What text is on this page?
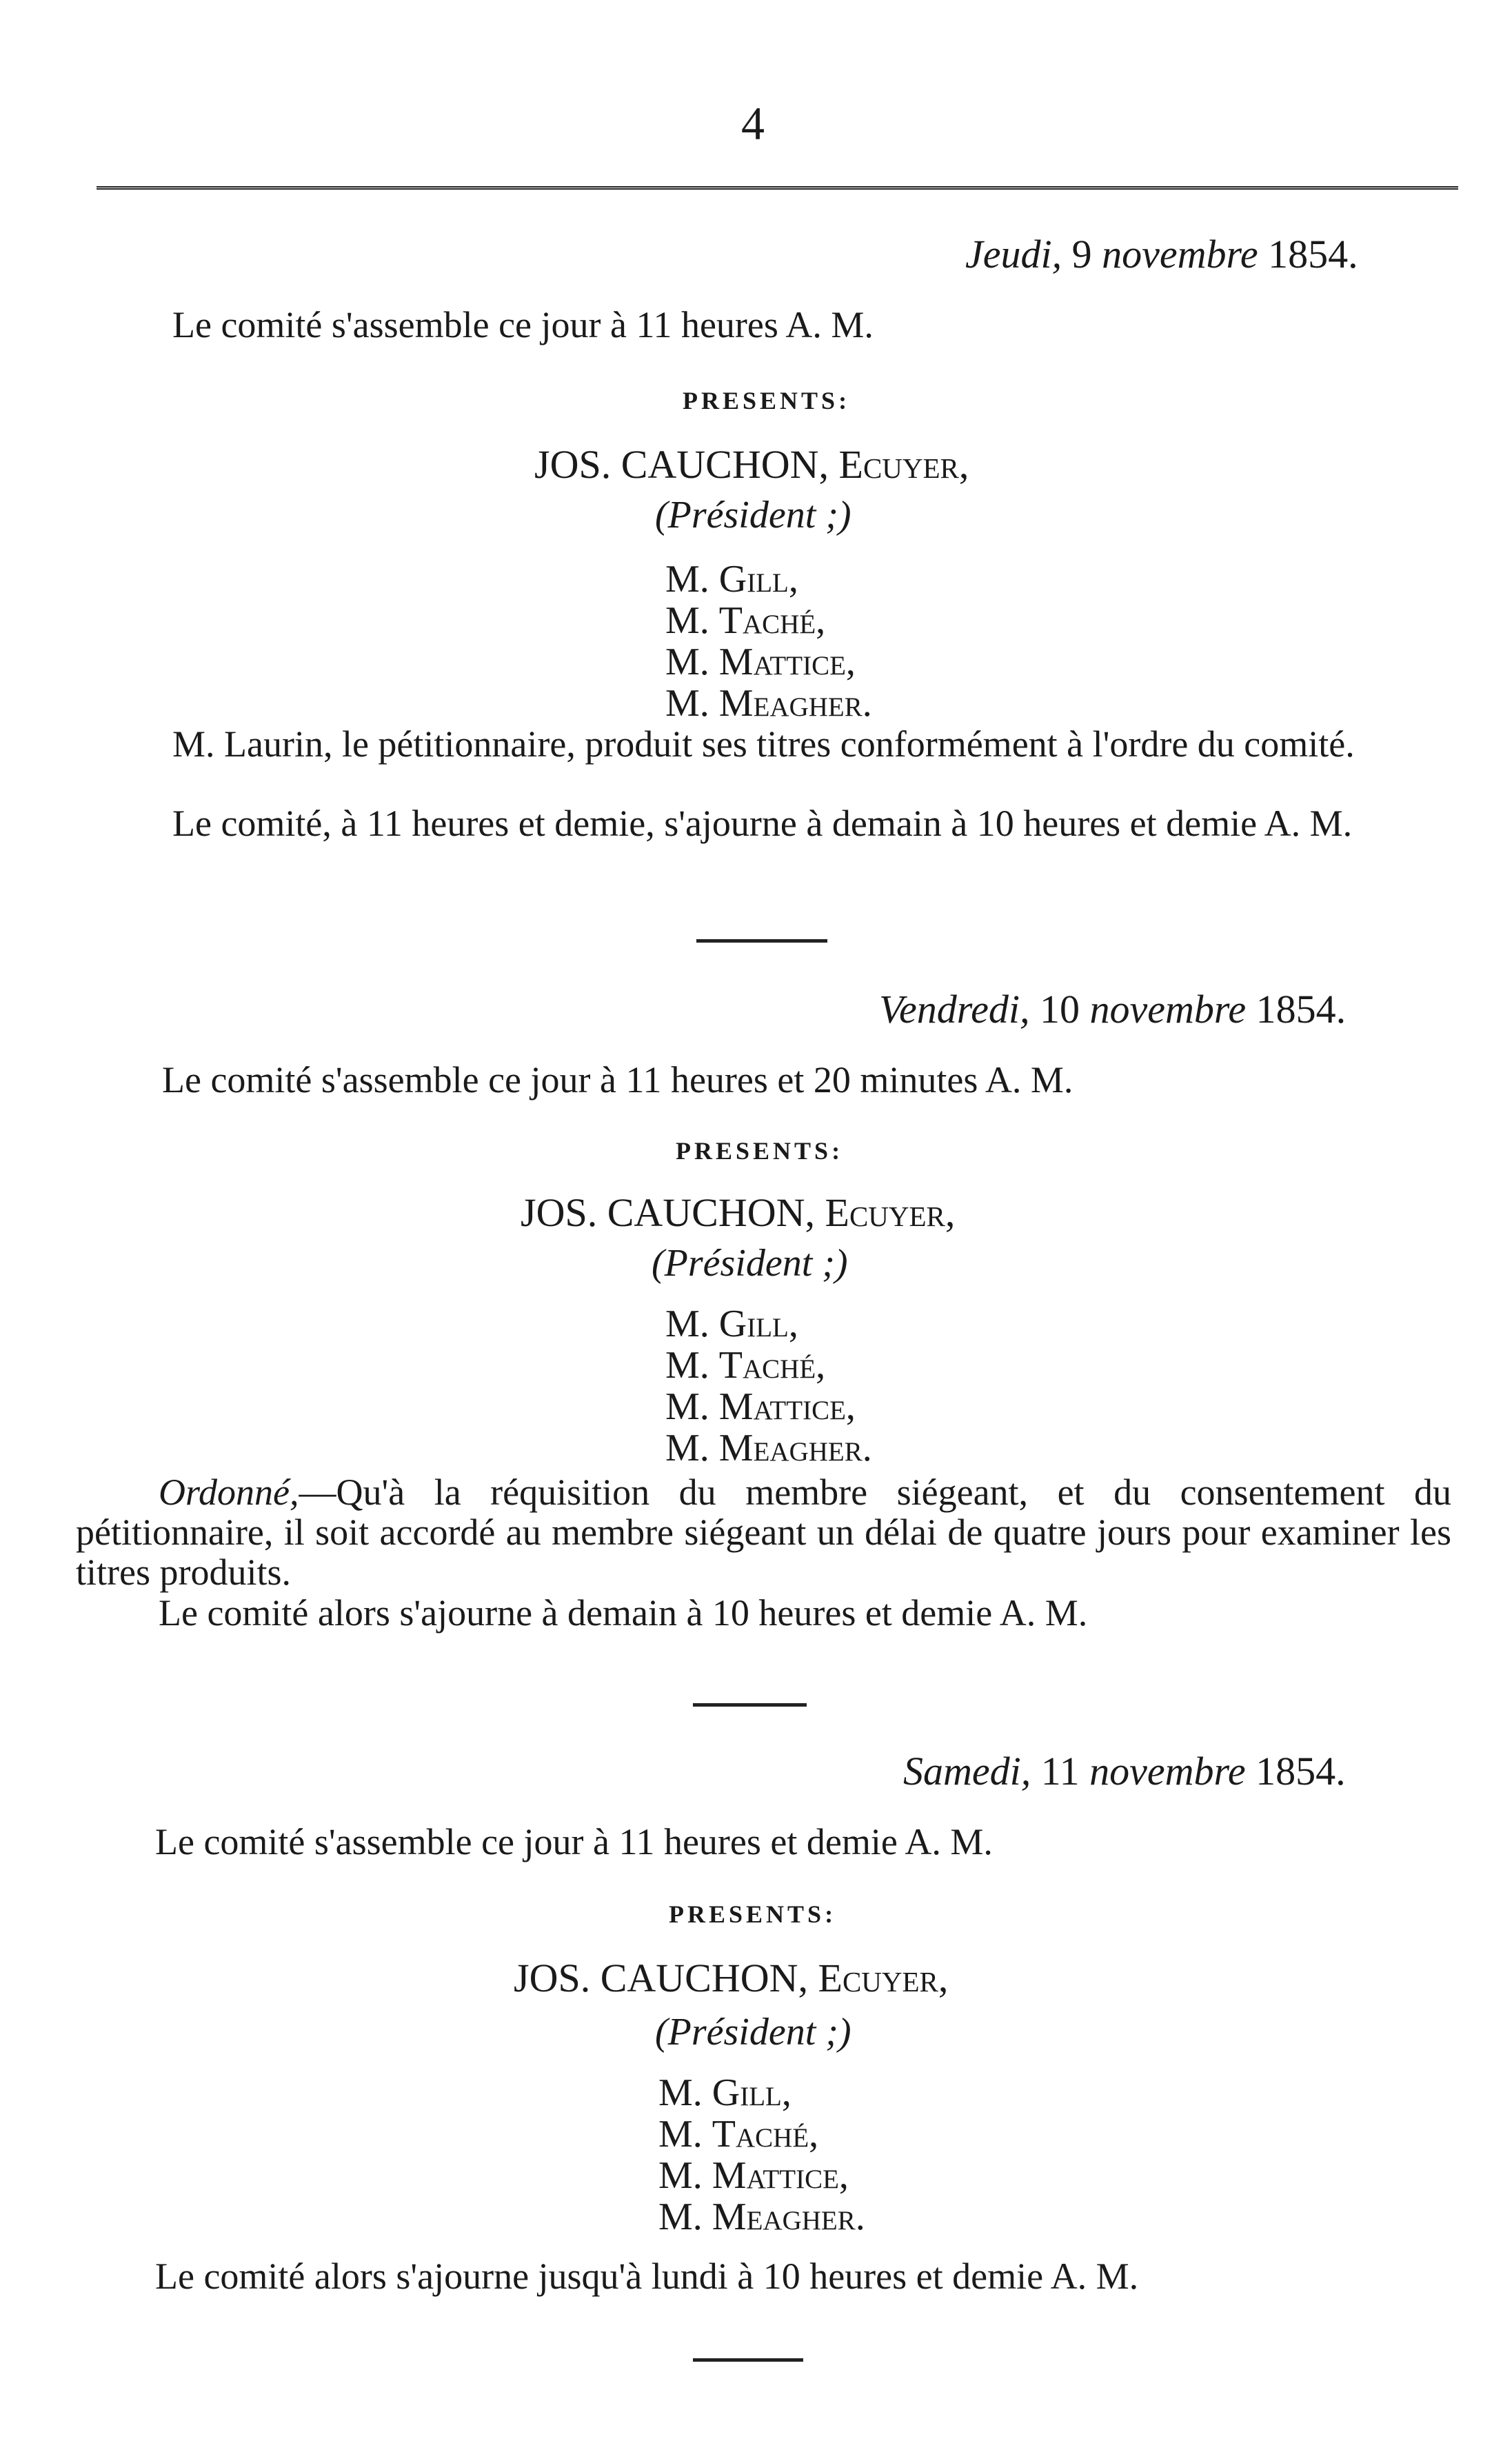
4
Jeudi, 9 novembre 1854.
Le comité s'assemble ce jour à 11 heures A. M.
PRESENTS:
JOS. CAUCHON, Ecuyer,
(Président ;)
M. Gill,
M. Taché,
M. Mattice,
M. Meagher.
M. Laurin, le pétitionnaire, produit ses titres conformément à l'ordre du comité.
Le comité, à 11 heures et demie, s'ajourne à demain à 10 heures et demie A. M.
Vendredi, 10 novembre 1854.
Le comité s'assemble ce jour à 11 heures et 20 minutes A. M.
PRESENTS:
JOS. CAUCHON, Ecuyer,
(Président ;)
M. Gill,
M. Taché,
M. Mattice,
M. Meagher.
Ordonné,—Qu'à la réquisition du membre siégeant, et du consentement du pétitionnaire, il soit accordé au membre siégeant un délai de quatre jours pour examiner les titres produits.
Le comité alors s'ajourne à demain à 10 heures et demie A. M.
Samedi, 11 novembre 1854.
Le comité s'assemble ce jour à 11 heures et demie A. M.
PRESENTS:
JOS. CAUCHON, Ecuyer,
(Président ;)
M. Gill,
M. Taché,
M. Mattice,
M. Meagher.
Le comité alors s'ajourne jusqu'à lundi à 10 heures et demie A. M.
